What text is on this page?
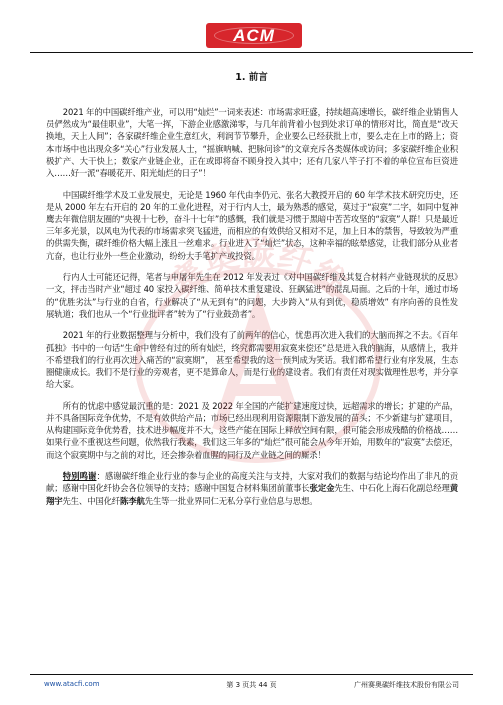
ACM
1. 前言

2021 年的中国碳纤维产业，可以用“灿烂”一词来表述：市场需求旺盛，持续超高速增长，碳纤维企业销售人员俨然成为“最佳职业”，大笔一挥，下游企业感激涕零，与几年前背着小包到处求订单的情形对比，简直是“改天换地，天上人间”；各家碳纤维企业生意红火，利润节节攀升，企业要么已经获批上市，要么走在上市的路上；资本市场中也出现众多“关心”行业发展人士，“摇旗呐喊、把脉问诊”的文章充斥各类媒体或访问；多家碳纤维企业积极扩产、大干快上；数家产业链企业，正在或即将奋不顾身投入其中；还有几家八竿子打不着的单位宣布巨资进入……好一派“春暖花开、阳光灿烂的日子”！

中国碳纤维学术及工业发展史，无论是 1960 年代由李仍元、张名大教授开启的 60 年学术技术研究历史，还是从 2000 年左右开启的 20 年的工业化进程，对于行内人士，最为熟悉的感觉，莫过于“寂寞”二字，如同中复神鹰去年微信朋友圈的“央视十七秒，奋斗十七年”的感慨，我们就是习惯于黑暗中苦苦攻坚的“寂寞”人群！只是最近三年多光景，以风电为代表的市场需求突飞猛进，而相应的有效供给又相对不足，加上日本的禁售，导致较为严重的供需失衡，碳纤维价格大幅上涨且一丝难求。行业进入了“灿烂”状态，这种幸福的眩晕感觉，让我们部分从业者亢奋，也让行业外一些企业激动，纷纷大手笔扩产或投资。

行内人士可能还记得，笔者与申屠年先生在 2012 年发表过《对中国碳纤维及其复合材料产业链现状的反思》一文，抨击当时产业“超过 40 家投入碳纤维、简单技术重复建设、狂飙猛进”的混乱局面。之后的十年，通过市场的“优胜劣汰”与行业的自省，行业解决了“从无到有”的问题，大步跨入“从有到优，稳质增效” 有序向善的良性发展轨道；我们也从一个“行业批评者”转为了“行业鼓劲者”。

2021 年的行业数据整理与分析中，我们没有了前两年的信心，忧患再次进入我们的大脑而挥之不去。《百年孤独》书中的一句话“生命中曾经有过的所有灿烂，终究都需要用寂寞来偿还”总是进入我的脑海，从感情上，我并不希望我们的行业再次进入痛苦的“寂寞期”， 甚至希望我的这一预判成为笑话。我们都希望行业有序发展，生态圈健康成长。我们不是行业的旁观者，更不是算命人，而是行业的建设者。我们有责任对现实做理性思考，并分享给大家。

所有的忧虑中感觉最沉重的是：2021 及 2022 年全国的产能扩建速度过快，远超需求的增长；扩建的产品，并不具备国际竞争优势，不是有效供给产品；市场已经出现利用资源限制下游发展的苗头；不少新建与扩建项目，从构建国际竞争优势看，技术进步幅度并不大，这些产能在国际上释放空间有限，很可能会形成残酷的价格战……如果行业不重视这些问题，依然我行我素，我们这三年多的“灿烂”很可能会从今年开始，用数年的“寂寞”去偿还，而这个寂寞期中与之前的对比，还会掺杂着血腥的同行及产业链之间的厮杀！

特别鸣谢：感谢碳纤维企业行业的参与企业的高度关注与支持，大家对我们的数据与结论均作出了非凡的贡献；感谢中国化纤协会各位领导的支持；感谢中国复合材料集团前董事长张定金先生、中石化上海石化副总经理黄翔宇先生、中国化纤陈李航先生等一批业界同仁无私分享行业信息与思想。

赛奥碳纤维
www.atacfi.com	第 3 页共 44 页	广州赛奥碳纤维技术股份有限公司
